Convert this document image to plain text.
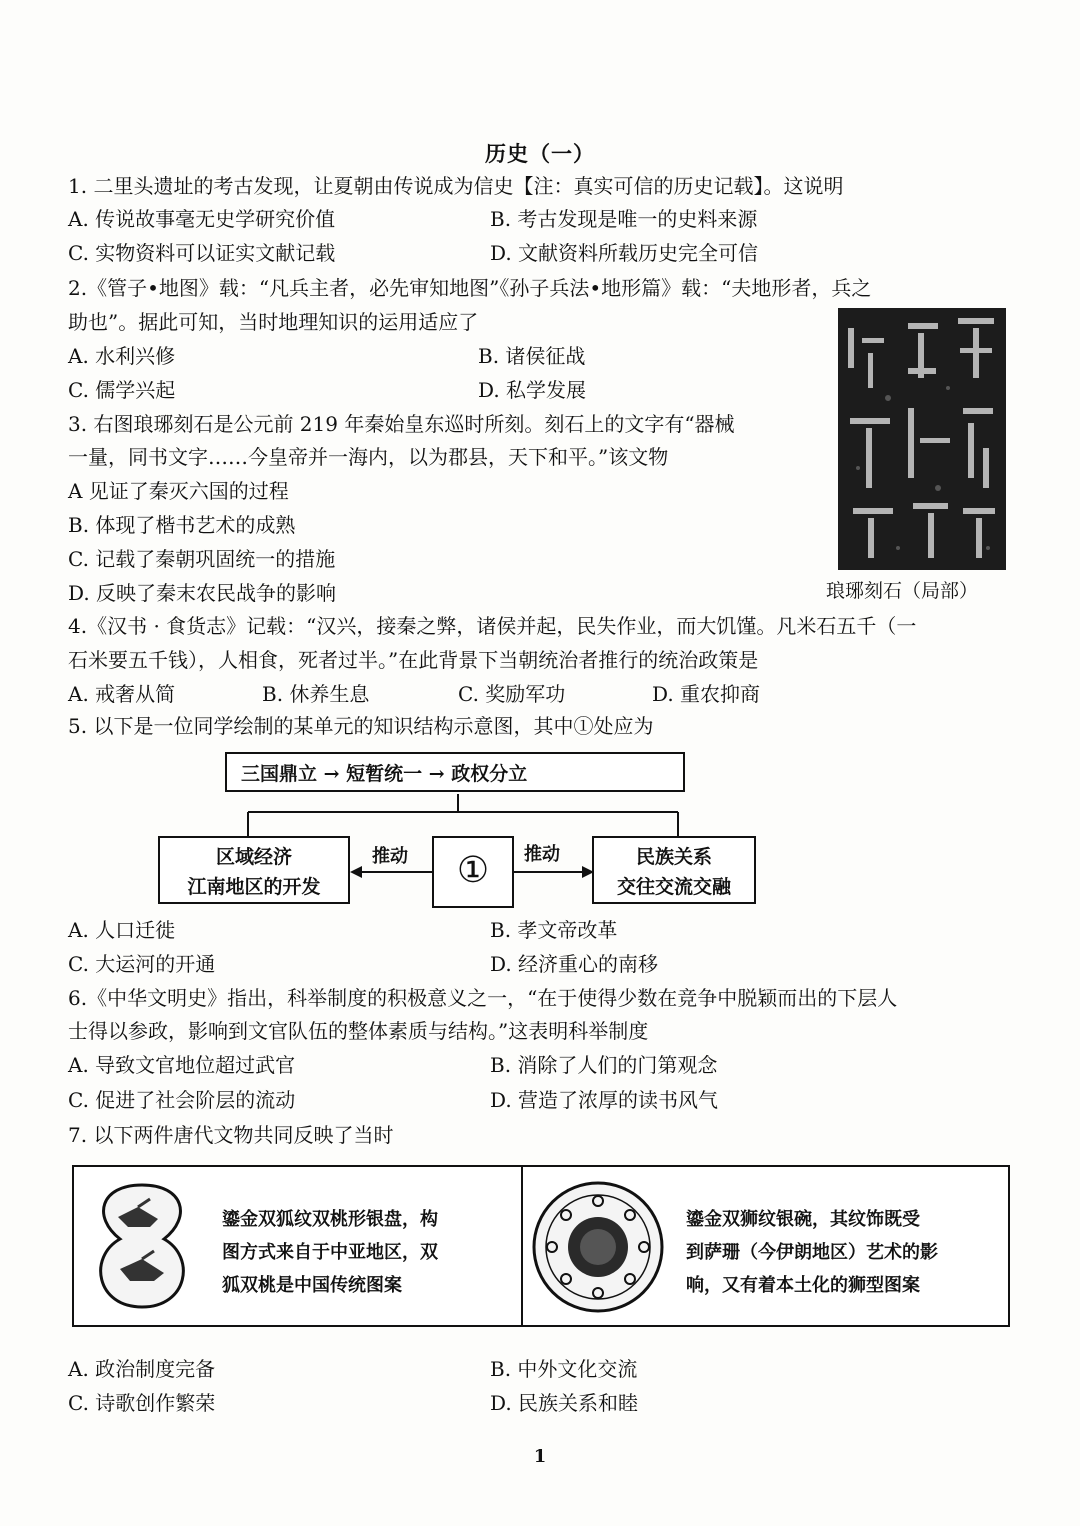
历史（一）
1. 二里头遗址的考古发现，让夏朝由传说成为信史【注：真实可信的历史记载】。这说明
A. 传说故事毫无史学研究价值	B. 考古发现是唯一的史料来源
C. 实物资料可以证实文献记载	D. 文献资料所载历史完全可信
2.《管子•地图》载：“凡兵主者，必先审知地图”《孙子兵法•地形篇》载：“夫地形者，兵之
助也”。据此可知，当时地理知识的运用适应了
A. 水利兴修	B. 诸侯征战
C. 儒学兴起	D. 私学发展
琅琊刻石（局部）
3. 右图琅琊刻石是公元前 219 年秦始皇东巡时所刻。刻石上的文字有“器械
一量，同书文字……今皇帝并一海内，以为郡县，天下和平。”该文物
A 见证了秦灭六国的过程
B. 体现了楷书艺术的成熟
C. 记载了秦朝巩固统一的措施
D. 反映了秦末农民战争的影响
4.《汉书 · 食货志》记载：“汉兴，接秦之弊，诸侯并起，民失作业，而大饥馑。凡米石五千（一
石米要五千钱），人相食，死者过半。”在此背景下当朝统治者推行的统治政策是
A. 戒奢从简	B. 休养生息	C. 奖励军功	D. 重农抑商
5. 以下是一位同学绘制的某单元的知识结构示意图，其中①处应为
三国鼎立 → 短暂统一 → 政权分立
区域经济
江南地区的开发	①	民族关系
交往交流交融
推动	推动
A. 人口迁徙	B. 孝文帝改革
C. 大运河的开通	D. 经济重心的南移
6.《中华文明史》指出，科举制度的积极意义之一，“在于使得少数在竞争中脱颖而出的下层人
士得以参政，影响到文官队伍的整体素质与结构。”这表明科举制度
A. 导致文官地位超过武官	B. 消除了人们的门第观念
C. 促进了社会阶层的流动	D. 营造了浓厚的读书风气
7. 以下两件唐代文物共同反映了当时
鎏金双狐纹双桃形银盘，构
图方式来自于中亚地区，双
狐双桃是中国传统图案
鎏金双狮纹银碗，其纹饰既受
到萨珊（今伊朗地区）艺术的影
响，又有着本土化的狮型图案
A. 政治制度完备	B. 中外文化交流
C. 诗歌创作繁荣	D. 民族关系和睦
1
